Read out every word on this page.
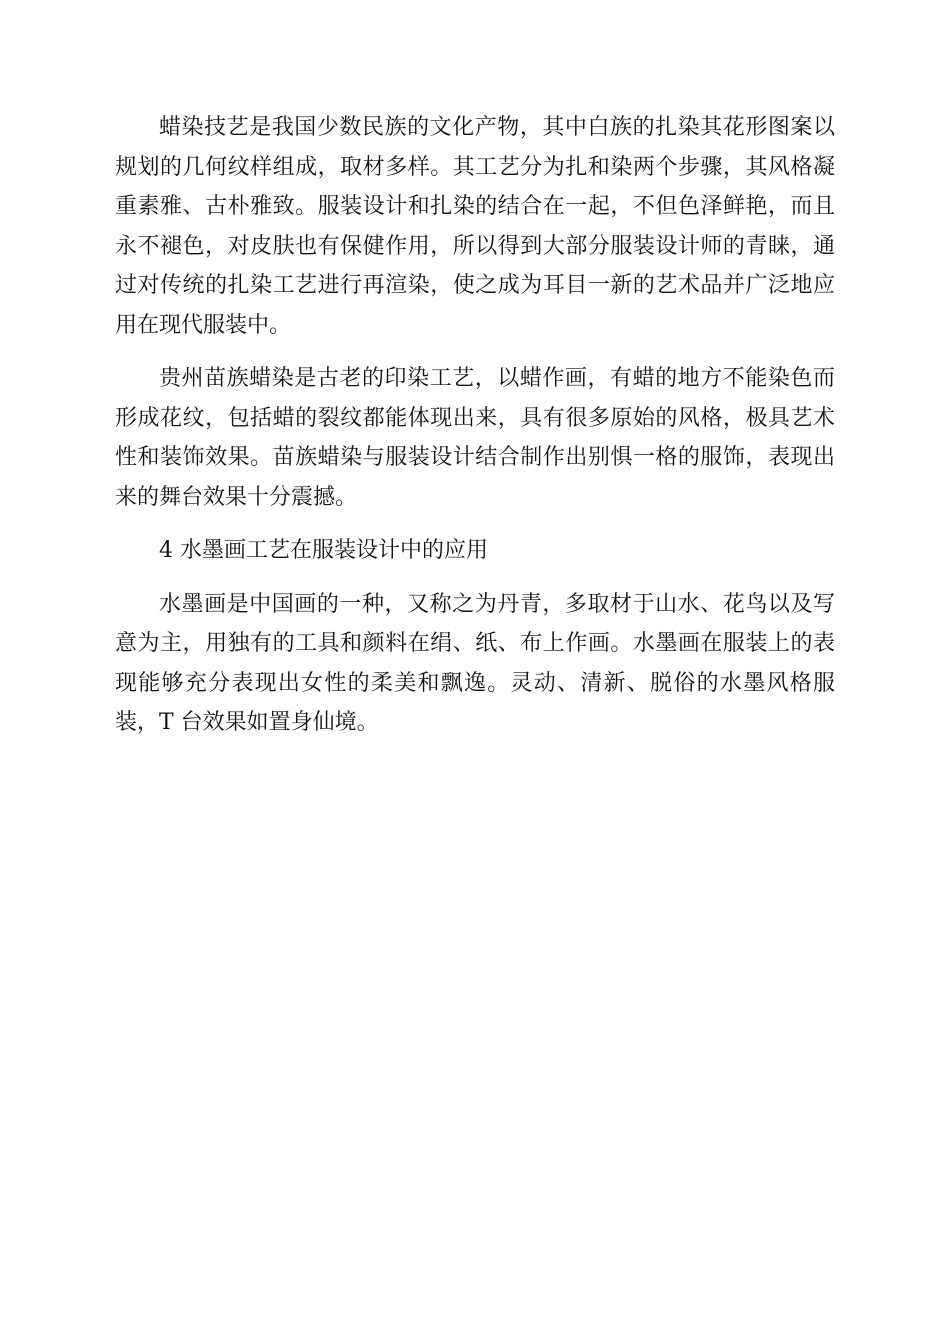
蜡染技艺是我国少数民族的文化产物，其中白族的扎染其花形图案以规划的几何纹样组成，取材多样。其工艺分为扎和染两个步骤，其风格凝重素雅、古朴雅致。服装设计和扎染的结合在一起，不但色泽鲜艳，而且永不褪色，对皮肤也有保健作用，所以得到大部分服装设计师的青睐，通过对传统的扎染工艺进行再渲染，使之成为耳目一新的艺术品并广泛地应用在现代服装中。

贵州苗族蜡染是古老的印染工艺，以蜡作画，有蜡的地方不能染色而形成花纹，包括蜡的裂纹都能体现出来，具有很多原始的风格，极具艺术性和装饰效果。苗族蜡染与服装设计结合制作出别惧一格的服饰，表现出来的舞台效果十分震撼。

4 水墨画工艺在服装设计中的应用

水墨画是中国画的一种，又称之为丹青，多取材于山水、花鸟以及写意为主，用独有的工具和颜料在绢、纸、布上作画。水墨画在服装上的表现能够充分表现出女性的柔美和飘逸。灵动、清新、脱俗的水墨风格服装，T 台效果如置身仙境。
